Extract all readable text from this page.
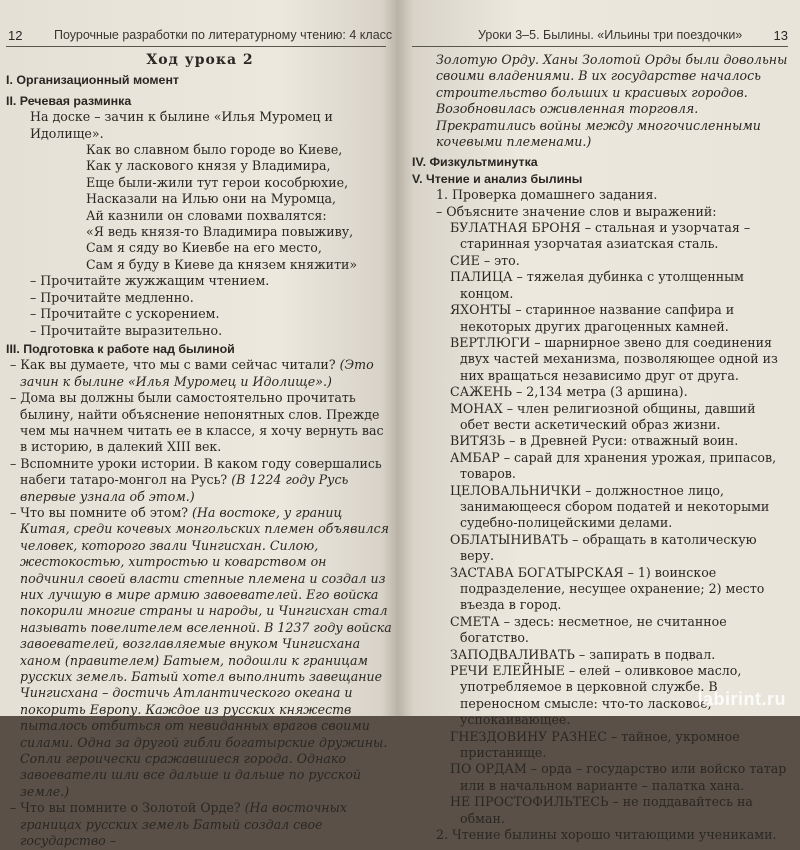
12	Поурочные разработки по литературному чтению: 4 класс

Ход урока 2

I. Организационный момент

II. Речевая разминка

На доске – зачин к былине «Илья Муромец и Идолище».

Как во славном было городе во Киеве,

Как у ласкового князя у Владимира,

Еще были-жили тут герои кособрюхие,

Насказали на Илью они на Муромца,

Ай казнили он словами похвалятся:

«Я ведь князя-то Владимира повыживу,

Сам я сяду во Киевбе на его место,

Сам я буду в Киеве да князем княжити»

– Прочитайте жужжащим чтением.

– Прочитайте медленно.

– Прочитайте с ускорением.

– Прочитайте выразительно.

III. Подготовка к работе над былиной

– Как вы думаете, что мы с вами сейчас читали? (Это зачин к былине «Илья Муромец и Идолище».)

– Дома вы должны были самостоятельно прочитать былину, найти объяснение непонятных слов. Прежде чем мы начнем читать ее в классе, я хочу вернуть вас в историю, в далекий XIII век.

– Вспомните уроки истории. В каком году совершались набеги татаро-монгол на Русь? (В 1224 году Русь впервые узнала об этом.)

– Что вы помните об этом? (На востоке, у границ Китая, среди кочевых монгольских племен объявился человек, которого звали Чингисхан. Силою, жестокостью, хитростью и коварством он подчинил своей власти степные племена и создал из них лучшую в мире армию завоевателей. Его войска покорили многие страны и народы, и Чингисхан стал называть повелителем вселенной. В 1237 году войска завоевателей, возглавляемые внуком Чингисхана ханом (правителем) Батыем, подошли к границам русских земель. Батый хотел выполнить завещание Чингисхана – достичь Атлантического океана и покорить Европу. Каждое из русских княжеств пыталось отбиться от невиданных врагов своими силами. Одна за другой гибли богатырские дружины. Сопли героически сражавшиеся города. Однако завоеватели шли все дальше и дальше по русской земле.)

– Что вы помните о Золотой Орде? (На восточных границах русских земель Батый создал свое государство –

Уроки 3–5. Былины. «Ильины три поездочки» 13

Золотую Орду. Ханы Золотой Орды были довольны своими владениями. В их государстве началось строительство больших и красивых городов. Возобновилась оживленная торговля. Прекратились войны между многочисленными кочевыми племенами.)

IV. Физкультминутка

V. Чтение и анализ былины

1. Проверка домашнего задания.

– Объясните значение слов и выражений:

БУЛАТНАЯ БРОНЯ – стальная и узорчатая – старинная узорчатая азиатская сталь.

СИЕ – это.

ПАЛИЦА – тяжелая дубинка с утолщенным концом.

ЯХОНТЫ – старинное название сапфира и некоторых других драгоценных камней.

ВЕРТЛЮГИ – шарнирное звено для соединения двух частей механизма, позволяющее одной из них вращаться независимо друг от друга.

САЖЕНЬ – 2,134 метра (3 аршина).

МОНАХ – член религиозной общины, давший обет вести аскетический образ жизни.

ВИТЯЗЬ – в Древней Руси: отважный воин.

АМБАР – сарай для хранения урожая, припасов, товаров.

ЦЕЛОВАЛЬНИЧКИ – должностное лицо, занимающееся сбором податей и некоторыми судебно-полицейскими делами.

ОБЛАТЫНИВАТЬ – обращать в католическую веру.

ЗАСТАВА БОГАТЫРСКАЯ – 1) воинское подразделение, несущее охранение; 2) место въезда в город.

СМЕТА – здесь: несметное, не считанное богатство.

ЗАПОДВАЛИВАТЬ – запирать в подвал.

РЕЧИ ЕЛЕЙНЫЕ – елей – оливковое масло, употребляемое в церковной службе. В переносном смысле: что-то ласковое, успокаивающее.

ГНЕЗДОВИНУ РАЗНЕС – тайное, укромное пристанище.

ПО ОРДАМ – орда – государство или войско татар или в начальном варианте – палатка хана.

НЕ ПРОСТОФИЛЬТЕСЬ – не поддавайтесь на обман.

2. Чтение былины хорошо читающими учениками.

labirint.ru
